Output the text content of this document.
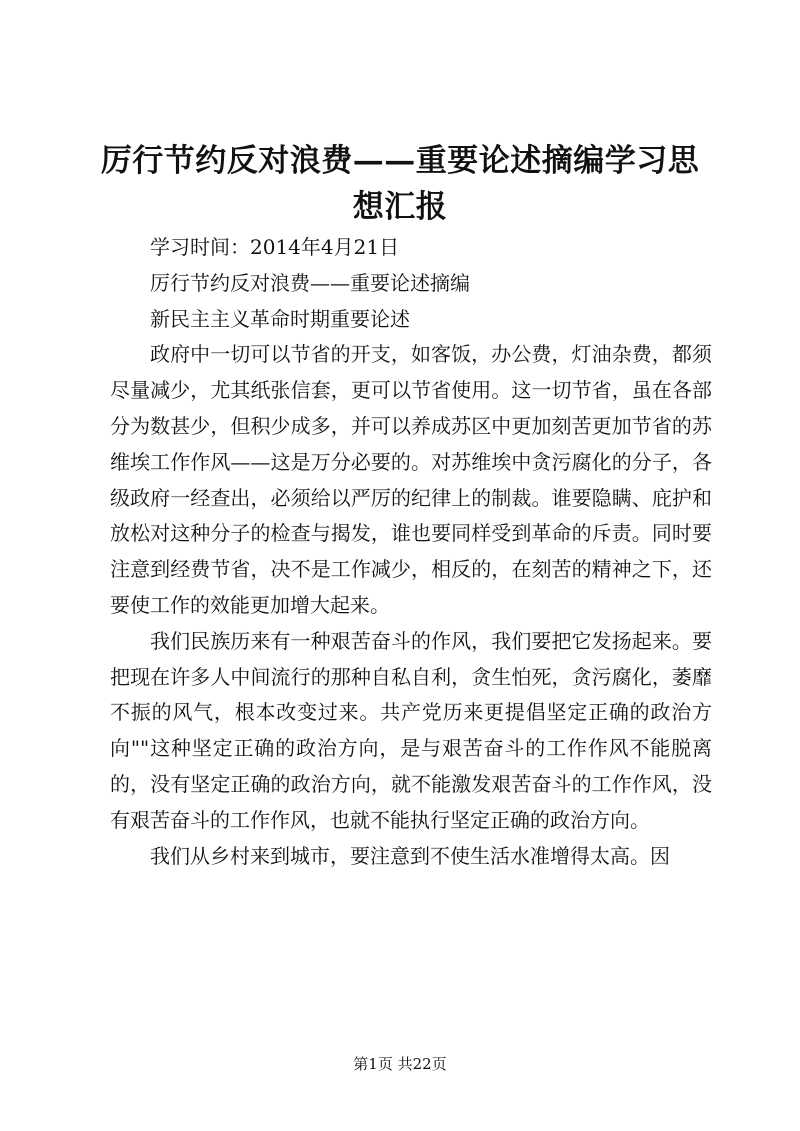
厉行节约反对浪费——重要论述摘编学习思想汇报

学习时间：2014年4月21日

厉行节约反对浪费——重要论述摘编

新民主主义革命时期重要论述

政府中一切可以节省的开支，如客饭，办公费，灯油杂费，都须尽量减少，尤其纸张信套，更可以节省使用。这一切节省，虽在各部分为数甚少，但积少成多，并可以养成苏区中更加刻苦更加节省的苏维埃工作作风——这是万分必要的。对苏维埃中贪污腐化的分子，各级政府一经查出，必须给以严厉的纪律上的制裁。谁要隐瞒、庇护和放松对这种分子的检查与揭发，谁也要同样受到革命的斥责。同时要注意到经费节省，决不是工作减少，相反的，在刻苦的精神之下，还要使工作的效能更加增大起来。

我们民族历来有一种艰苦奋斗的作风，我们要把它发扬起来。要把现在许多人中间流行的那种自私自利，贪生怕死，贪污腐化，萎靡不振的风气，根本改变过来。共产党历来更提倡坚定正确的政治方向""这种坚定正确的政治方向，是与艰苦奋斗的工作作风不能脱离的，没有坚定正确的政治方向，就不能激发艰苦奋斗的工作作风，没有艰苦奋斗的工作作风，也就不能执行坚定正确的政治方向。

我们从乡村来到城市，要注意到不使生活水准增得太高。因

第1页 共22页
